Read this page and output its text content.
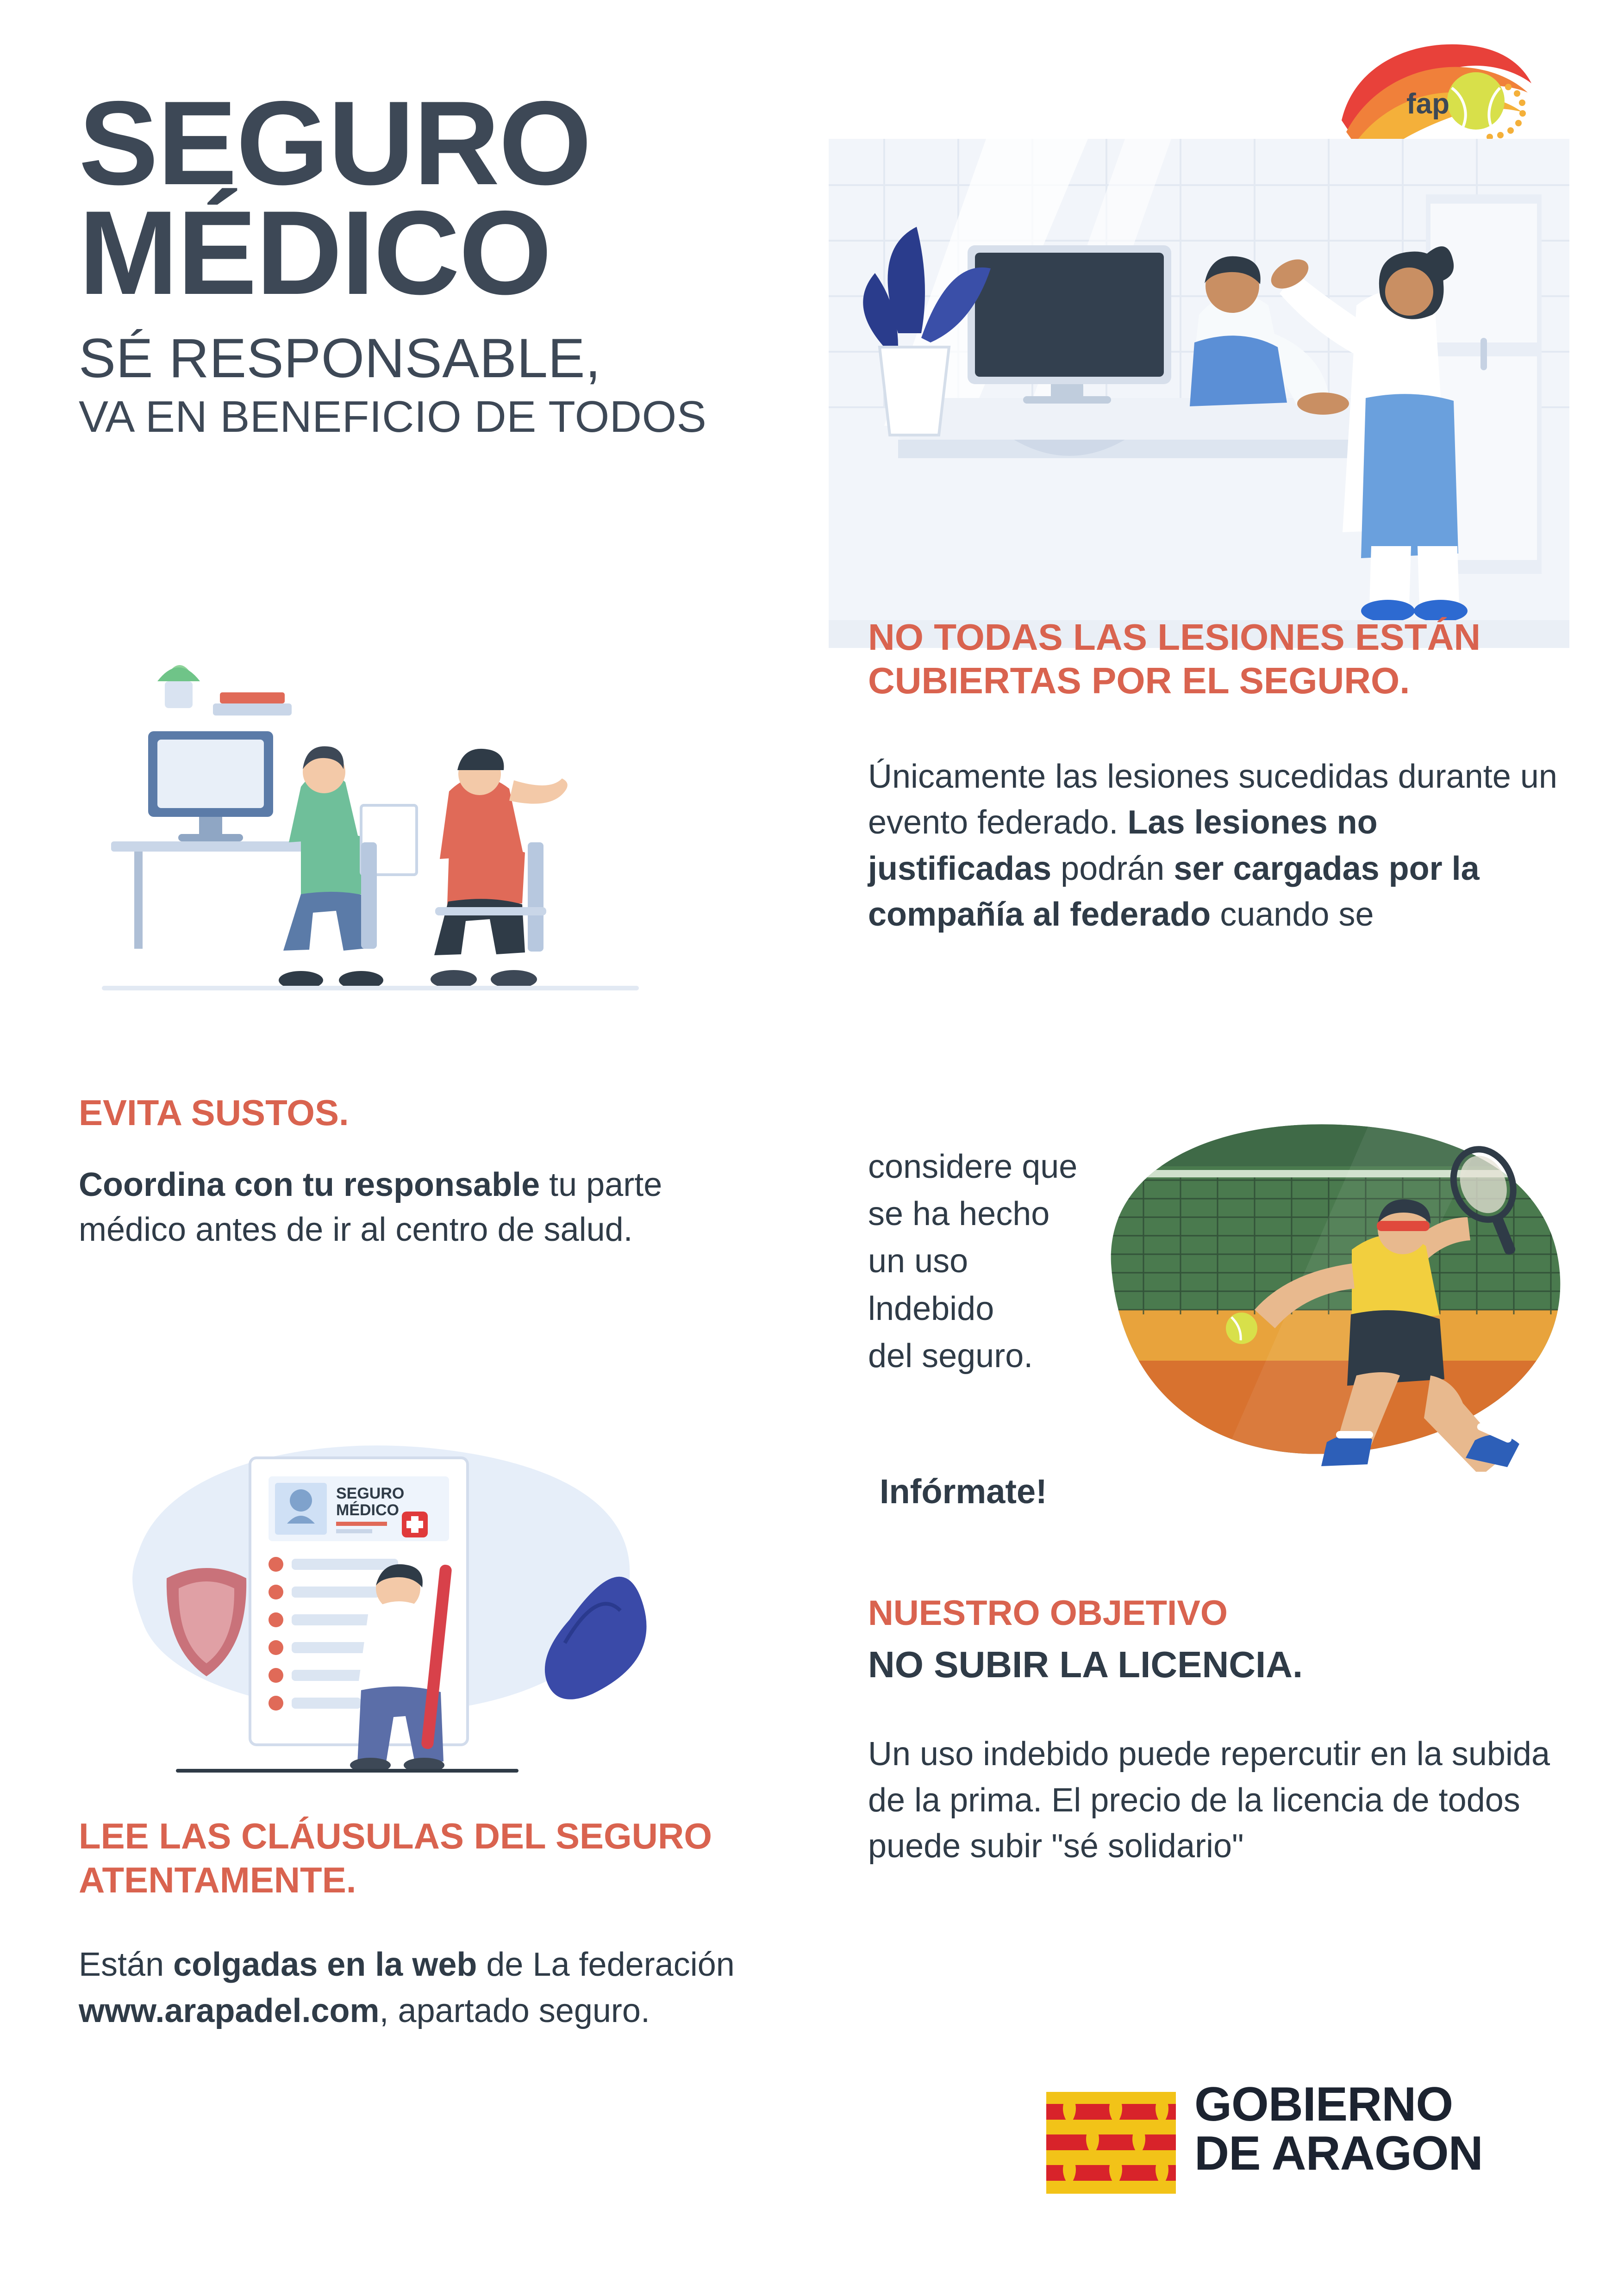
fap
SEGURO
MÉDICO
SÉ RESPONSABLE,
VA EN BENEFICIO DE TODOS
EVITA SUSTOS.
Coordina con tu responsable tu parte médico antes de ir al centro de salud.
SEGURO
MÉDICO
LEE LAS CLÁUSULAS DEL SEGURO ATENTAMENTE.
Están colgadas en la web de La federación www.arapadel.com, apartado seguro.
NO TODAS LAS LESIONES ESTÁN CUBIERTAS POR EL SEGURO.
Únicamente las lesiones sucedidas durante un evento federado. Las lesiones no justificadas podrán ser cargadas por la compañía al federado cuando se
considere que
se ha hecho
un uso
lndebido
del seguro.
Infórmate!
NUESTRO OBJETIVO
NO SUBIR LA LICENCIA.
Un uso indebido puede repercutir en la subida de la prima. El precio de la licencia de todos puede subir "sé solidario"
GOBIERNO
DE ARAGON
